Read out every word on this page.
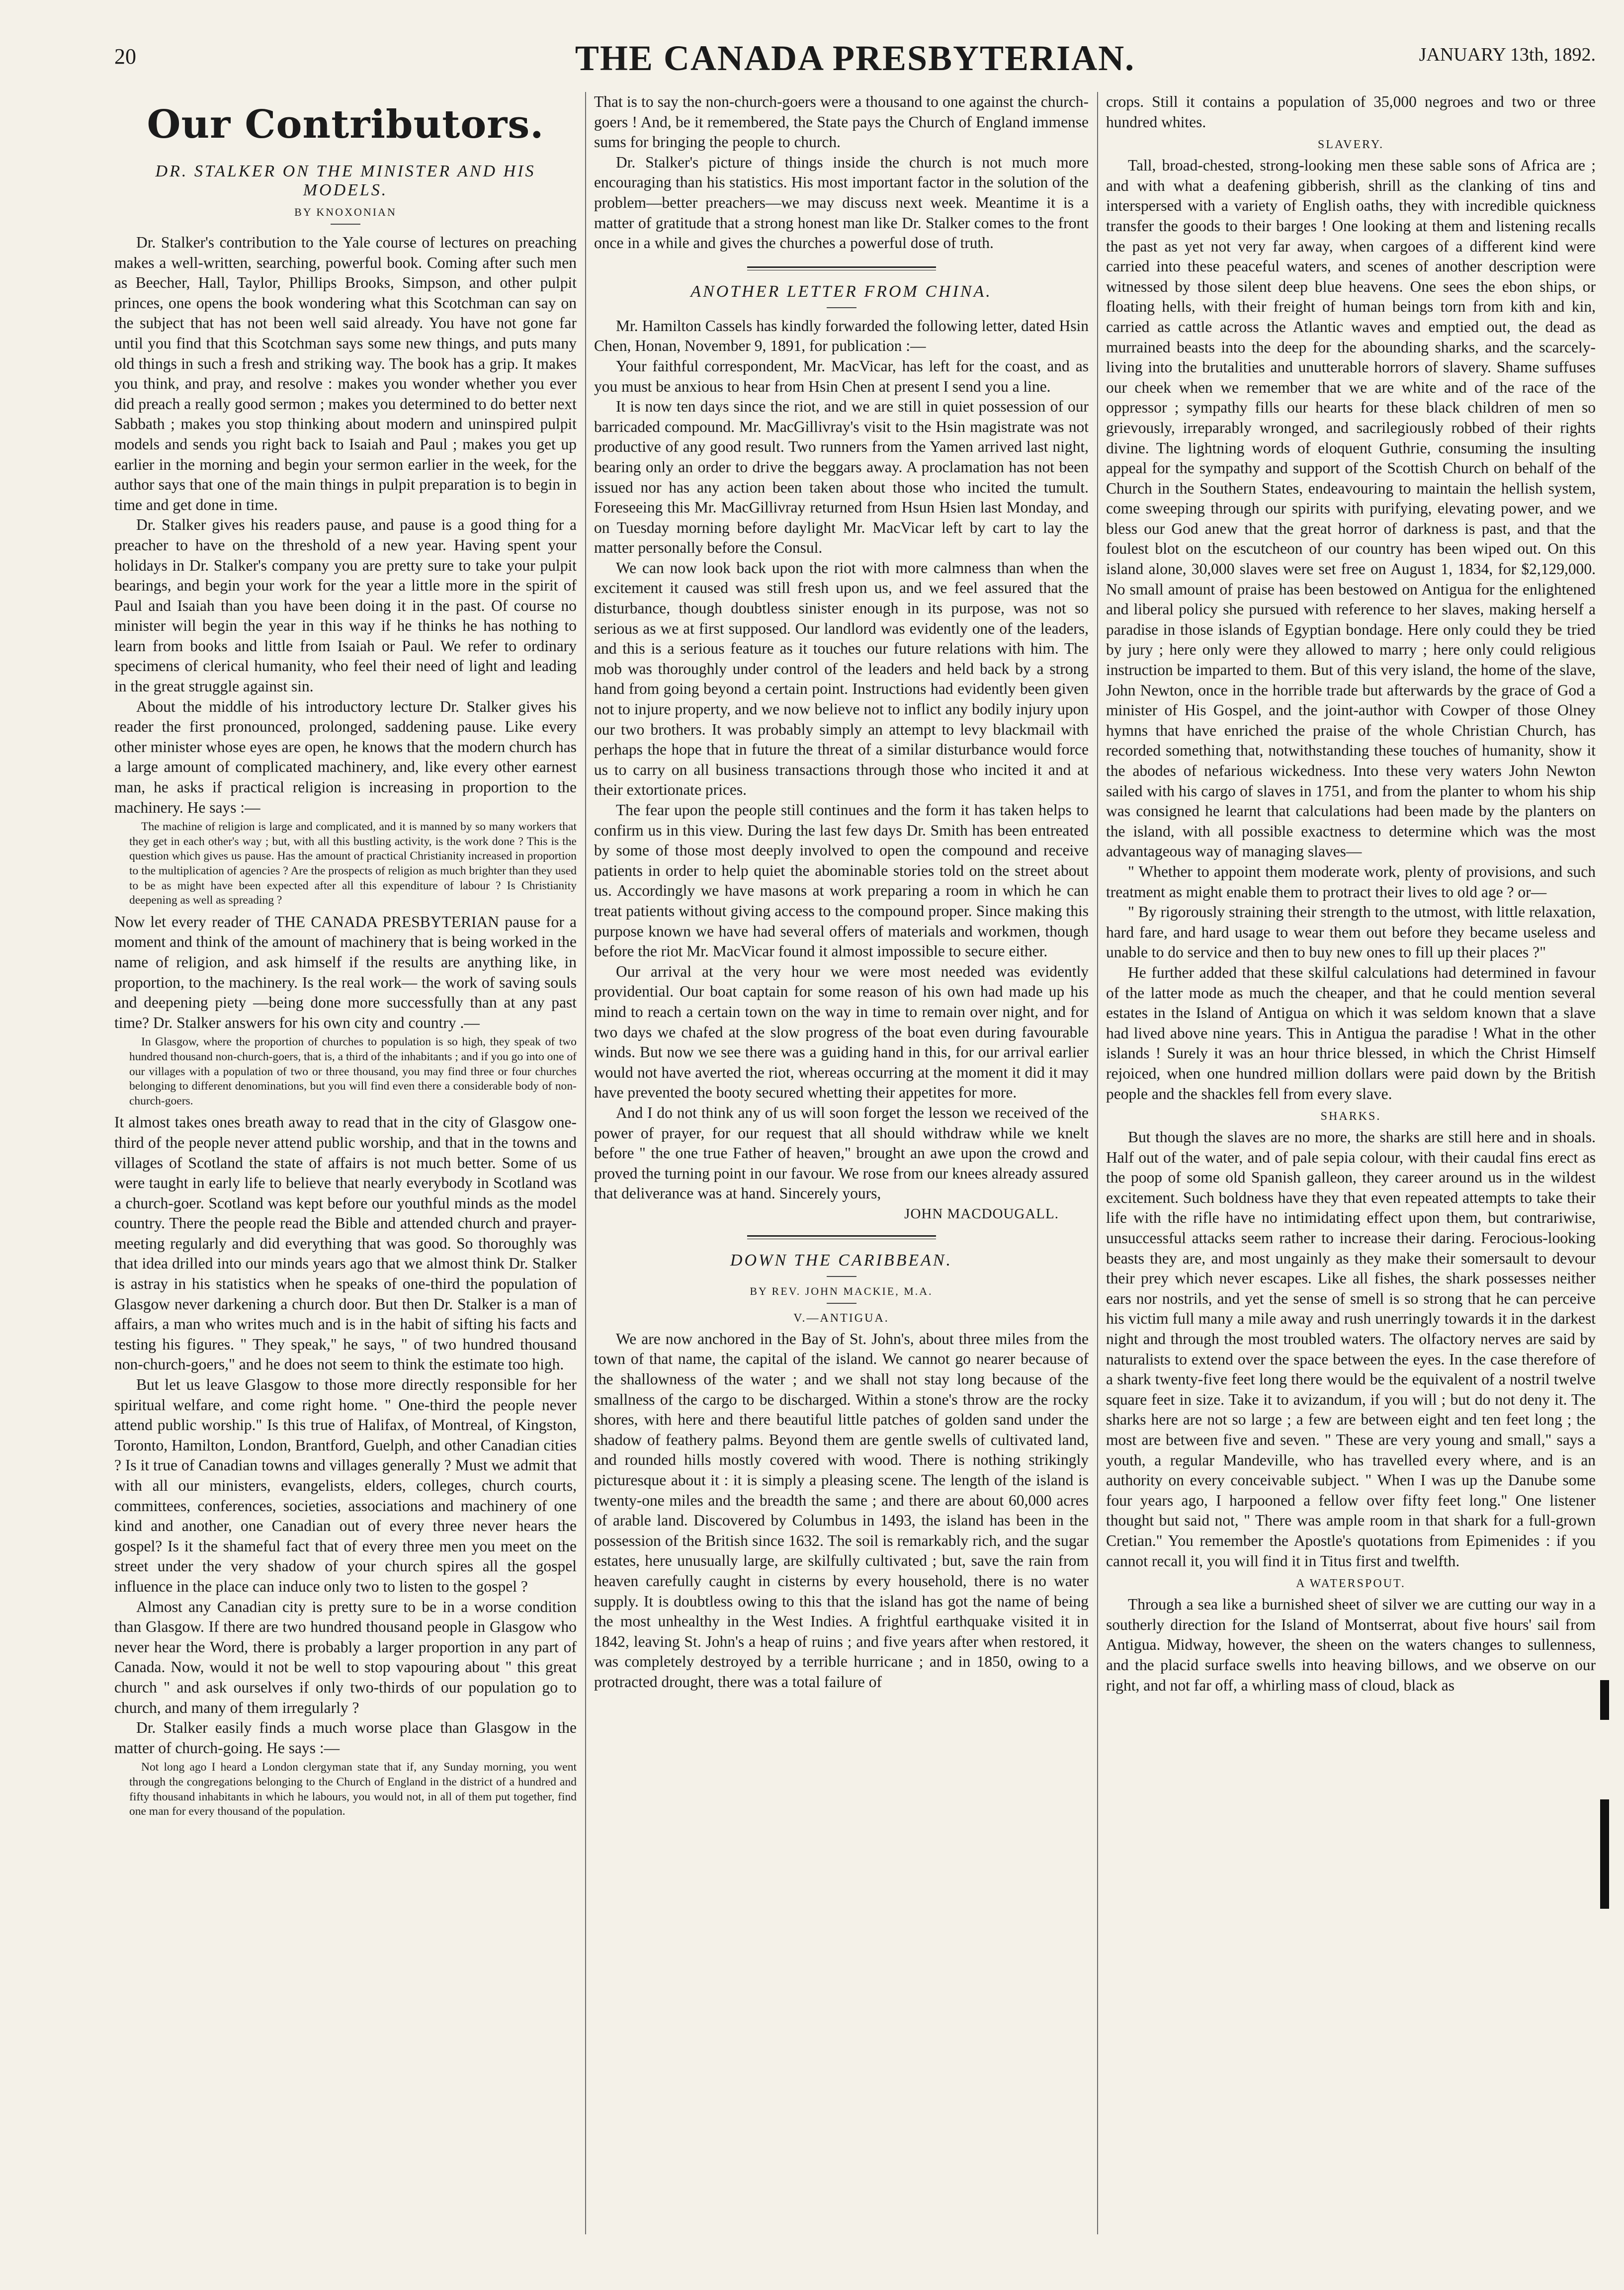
20	THE CANADA PRESBYTERIAN.	JANUARY 13th, 1892.
Our Contributors.
DR. STALKER ON THE MINISTER AND HIS MODELS.
BY KNOXONIAN

Dr. Stalker's contribution to the Yale course of lectures on preaching makes a well-written, searching, powerful book. Coming after such men as Beecher, Hall, Taylor, Phillips Brooks, Simpson, and other pulpit princes, one opens the book wondering what this Scotchman can say on the subject that has not been well said already. You have not gone far until you find that this Scotchman says some new things, and puts many old things in such a fresh and striking way. The book has a grip. It makes you think, and pray, and resolve : makes you wonder whether you ever did preach a really good sermon ; makes you determined to do better next Sabbath ; makes you stop thinking about modern and uninspired pulpit models and sends you right back to Isaiah and Paul ; makes you get up earlier in the morning and begin your sermon earlier in the week, for the author says that one of the main things in pulpit preparation is to begin in time and get done in time.

Dr. Stalker gives his readers pause, and pause is a good thing for a preacher to have on the threshold of a new year. Having spent your holidays in Dr. Stalker's company you are pretty sure to take your pulpit bearings, and begin your work for the year a little more in the spirit of Paul and Isaiah than you have been doing it in the past. Of course no minister will begin the year in this way if he thinks he has nothing to learn from books and little from Isaiah or Paul. We refer to ordinary specimens of clerical humanity, who feel their need of light and leading in the great struggle against sin.

About the middle of his introductory lecture Dr. Stalker gives his reader the first pronounced, prolonged, saddening pause. Like every other minister whose eyes are open, he knows that the modern church has a large amount of complicated machinery, and, like every other earnest man, he asks if practical religion is increasing in proportion to the machinery. He says :—

The machine of religion is large and complicated, and it is manned by so many workers that they get in each other's way ; but, with all this bustling activity, is the work done ? This is the question which gives us pause. Has the amount of practical Christianity increased in proportion to the multiplication of agencies ? Are the prospects of religion as much brighter than they used to be as might have been expected after all this expenditure of labour ? Is Christianity deepening as well as spreading ?

Now let every reader of THE CANADA PRESBYTERIAN pause for a moment and think of the amount of machinery that is being worked in the name of religion, and ask himself if the results are anything like, in proportion, to the machinery. Is the real work— the work of saving souls and deepening piety —being done more successfully than at any past time? Dr. Stalker answers for his own city and country .—

In Glasgow, where the proportion of churches to population is so high, they speak of two hundred thousand non-church-goers, that is, a third of the inhabitants ; and if you go into one of our villages with a population of two or three thousand, you may find three or four churches belonging to different denominations, but you will find even there a considerable body of non-church-goers.

It almost takes ones breath away to read that in the city of Glasgow one-third of the people never attend public worship, and that in the towns and villages of Scotland the state of affairs is not much better. Some of us were taught in early life to believe that nearly everybody in Scotland was a church-goer. Scotland was kept before our youthful minds as the model country. There the people read the Bible and attended church and prayer-meeting regularly and did everything that was good. So thoroughly was that idea drilled into our minds years ago that we almost think Dr. Stalker is astray in his statistics when he speaks of one-third the population of Glasgow never darkening a church door. But then Dr. Stalker is a man of affairs, a man who writes much and is in the habit of sifting his facts and testing his figures. " They speak," he says, " of two hundred thousand non-church-goers," and he does not seem to think the estimate too high.

But let us leave Glasgow to those more directly responsible for her spiritual welfare, and come right home. " One-third the people never attend public worship." Is this true of Halifax, of Montreal, of Kingston, Toronto, Hamilton, London, Brantford, Guelph, and other Canadian cities ? Is it true of Canadian towns and villages generally ? Must we admit that with all our ministers, evangelists, elders, colleges, church courts, committees, conferences, societies, associations and machinery of one kind and another, one Canadian out of every three never hears the gospel? Is it the shameful fact that of every three men you meet on the street under the very shadow of your church spires all the gospel influence in the place can induce only two to listen to the gospel ?

Almost any Canadian city is pretty sure to be in a worse condition than Glasgow. If there are two hundred thousand people in Glasgow who never hear the Word, there is probably a larger proportion in any part of Canada. Now, would it not be well to stop vapouring about " this great church " and ask ourselves if only two-thirds of our population go to church, and many of them irregularly ?

Dr. Stalker easily finds a much worse place than Glasgow in the matter of church-going. He says :—

Not long ago I heard a London clergyman state that if, any Sunday morning, you went through the congregations belonging to the Church of England in the district of a hundred and fifty thousand inhabitants in which he labours, you would not, in all of them put together, find one man for every thousand of the population.

That is to say the non-church-goers were a thousand to one against the church-goers ! And, be it remembered, the State pays the Church of England immense sums for bringing the people to church.

Dr. Stalker's picture of things inside the church is not much more encouraging than his statistics. His most important factor in the solution of the problem—better preachers—we may discuss next week. Meantime it is a matter of gratitude that a strong honest man like Dr. Stalker comes to the front once in a while and gives the churches a powerful dose of truth.

ANOTHER LETTER FROM CHINA.

Mr. Hamilton Cassels has kindly forwarded the following letter, dated Hsin Chen, Honan, November 9, 1891, for publication :—

Your faithful correspondent, Mr. MacVicar, has left for the coast, and as you must be anxious to hear from Hsin Chen at present I send you a line.

It is now ten days since the riot, and we are still in quiet possession of our barricaded compound. Mr. MacGillivray's visit to the Hsin magistrate was not productive of any good result. Two runners from the Yamen arrived last night, bearing only an order to drive the beggars away. A proclamation has not been issued nor has any action been taken about those who incited the tumult. Foreseeing this Mr. MacGillivray returned from Hsun Hsien last Monday, and on Tuesday morning before daylight Mr. MacVicar left by cart to lay the matter personally before the Consul.

We can now look back upon the riot with more calmness than when the excitement it caused was still fresh upon us, and we feel assured that the disturbance, though doubtless sinister enough in its purpose, was not so serious as we at first supposed. Our landlord was evidently one of the leaders, and this is a serious feature as it touches our future relations with him. The mob was thoroughly under control of the leaders and held back by a strong hand from going beyond a certain point. Instructions had evidently been given not to injure property, and we now believe not to inflict any bodily injury upon our two brothers. It was probably simply an attempt to levy blackmail with perhaps the hope that in future the threat of a similar disturbance would force us to carry on all business transactions through those who incited it and at their extortionate prices.

The fear upon the people still continues and the form it has taken helps to confirm us in this view. During the last few days Dr. Smith has been entreated by some of those most deeply involved to open the compound and receive patients in order to help quiet the abominable stories told on the street about us. Accordingly we have masons at work preparing a room in which he can treat patients without giving access to the compound proper. Since making this purpose known we have had several offers of materials and workmen, though before the riot Mr. MacVicar found it almost impossible to secure either.

Our arrival at the very hour we were most needed was evidently providential. Our boat captain for some reason of his own had made up his mind to reach a certain town on the way in time to remain over night, and for two days we chafed at the slow progress of the boat even during favourable winds. But now we see there was a guiding hand in this, for our arrival earlier would not have averted the riot, whereas occurring at the moment it did it may have prevented the booty secured whetting their appetites for more.

And I do not think any of us will soon forget the lesson we received of the power of prayer, for our request that all should withdraw while we knelt before " the one true Father of heaven," brought an awe upon the crowd and proved the turning point in our favour. We rose from our knees already assured that deliverance was at hand. Sincerely yours,

JOHN MACDOUGALL.
DOWN THE CARIBBEAN.
BY REV. JOHN MACKIE, M.A.
V.—ANTIGUA.

We are now anchored in the Bay of St. John's, about three miles from the town of that name, the capital of the island. We cannot go nearer because of the shallowness of the water ; and we shall not stay long because of the smallness of the cargo to be discharged. Within a stone's throw are the rocky shores, with here and there beautiful little patches of golden sand under the shadow of feathery palms. Beyond them are gentle swells of cultivated land, and rounded hills mostly covered with wood. There is nothing strikingly picturesque about it : it is simply a pleasing scene. The length of the island is twenty-one miles and the breadth the same ; and there are about 60,000 acres of arable land. Discovered by Columbus in 1493, the island has been in the possession of the British since 1632. The soil is remarkably rich, and the sugar estates, here unusually large, are skilfully cultivated ; but, save the rain from heaven carefully caught in cisterns by every household, there is no water supply. It is doubtless owing to this that the island has got the name of being the most unhealthy in the West Indies. A frightful earthquake visited it in 1842, leaving St. John's a heap of ruins ; and five years after when restored, it was completely destroyed by a terrible hurricane ; and in 1850, owing to a protracted drought, there was a total failure of

crops. Still it contains a population of 35,000 negroes and two or three hundred whites.

SLAVERY.

Tall, broad-chested, strong-looking men these sable sons of Africa are ; and with what a deafening gibberish, shrill as the clanking of tins and interspersed with a variety of English oaths, they with incredible quickness transfer the goods to their barges ! One looking at them and listening recalls the past as yet not very far away, when cargoes of a different kind were carried into these peaceful waters, and scenes of another description were witnessed by those silent deep blue heavens. One sees the ebon ships, or floating hells, with their freight of human beings torn from kith and kin, carried as cattle across the Atlantic waves and emptied out, the dead as murrained beasts into the deep for the abounding sharks, and the scarcely-living into the brutalities and unutterable horrors of slavery. Shame suffuses our cheek when we remember that we are white and of the race of the oppressor ; sympathy fills our hearts for these black children of men so grievously, irreparably wronged, and sacrilegiously robbed of their rights divine. The lightning words of eloquent Guthrie, consuming the insulting appeal for the sympathy and support of the Scottish Church on behalf of the Church in the Southern States, endeavouring to maintain the hellish system, come sweeping through our spirits with purifying, elevating power, and we bless our God anew that the great horror of darkness is past, and that the foulest blot on the escutcheon of our country has been wiped out. On this island alone, 30,000 slaves were set free on August 1, 1834, for $2,129,000. No small amount of praise has been bestowed on Antigua for the enlightened and liberal policy she pursued with reference to her slaves, making herself a paradise in those islands of Egyptian bondage. Here only could they be tried by jury ; here only were they allowed to marry ; here only could religious instruction be imparted to them. But of this very island, the home of the slave, John Newton, once in the horrible trade but afterwards by the grace of God a minister of His Gospel, and the joint-author with Cowper of those Olney hymns that have enriched the praise of the whole Christian Church, has recorded something that, notwithstanding these touches of humanity, show it the abodes of nefarious wickedness. Into these very waters John Newton sailed with his cargo of slaves in 1751, and from the planter to whom his ship was consigned he learnt that calculations had been made by the planters on the island, with all possible exactness to determine which was the most advantageous way of managing slaves—

" Whether to appoint them moderate work, plenty of provisions, and such treatment as might enable them to protract their lives to old age ? or—

" By rigorously straining their strength to the utmost, with little relaxation, hard fare, and hard usage to wear them out before they became useless and unable to do service and then to buy new ones to fill up their places ?"

He further added that these skilful calculations had determined in favour of the latter mode as much the cheaper, and that he could mention several estates in the Island of Antigua on which it was seldom known that a slave had lived above nine years. This in Antigua the paradise ! What in the other islands ! Surely it was an hour thrice blessed, in which the Christ Himself rejoiced, when one hundred million dollars were paid down by the British people and the shackles fell from every slave.

SHARKS.

But though the slaves are no more, the sharks are still here and in shoals. Half out of the water, and of pale sepia colour, with their caudal fins erect as the poop of some old Spanish galleon, they career around us in the wildest excitement. Such boldness have they that even repeated attempts to take their life with the rifle have no intimidating effect upon them, but contrariwise, unsuccessful attacks seem rather to increase their daring. Ferocious-looking beasts they are, and most ungainly as they make their somersault to devour their prey which never escapes. Like all fishes, the shark possesses neither ears nor nostrils, and yet the sense of smell is so strong that he can perceive his victim full many a mile away and rush unerringly towards it in the darkest night and through the most troubled waters. The olfactory nerves are said by naturalists to extend over the space between the eyes. In the case therefore of a shark twenty-five feet long there would be the equivalent of a nostril twelve square feet in size. Take it to avizandum, if you will ; but do not deny it. The sharks here are not so large ; a few are between eight and ten feet long ; the most are between five and seven. " These are very young and small," says a youth, a regular Mandeville, who has travelled every where, and is an authority on every conceivable subject. " When I was up the Danube some four years ago, I harpooned a fellow over fifty feet long." One listener thought but said not, " There was ample room in that shark for a full-grown Cretian." You remember the Apostle's quotations from Epimenides : if you cannot recall it, you will find it in Titus first and twelfth.

A WATERSPOUT.

Through a sea like a burnished sheet of silver we are cutting our way in a southerly direction for the Island of Montserrat, about five hours' sail from Antigua. Midway, however, the sheen on the waters changes to sullenness, and the placid surface swells into heaving billows, and we observe on our right, and not far off, a whirling mass of cloud, black as
